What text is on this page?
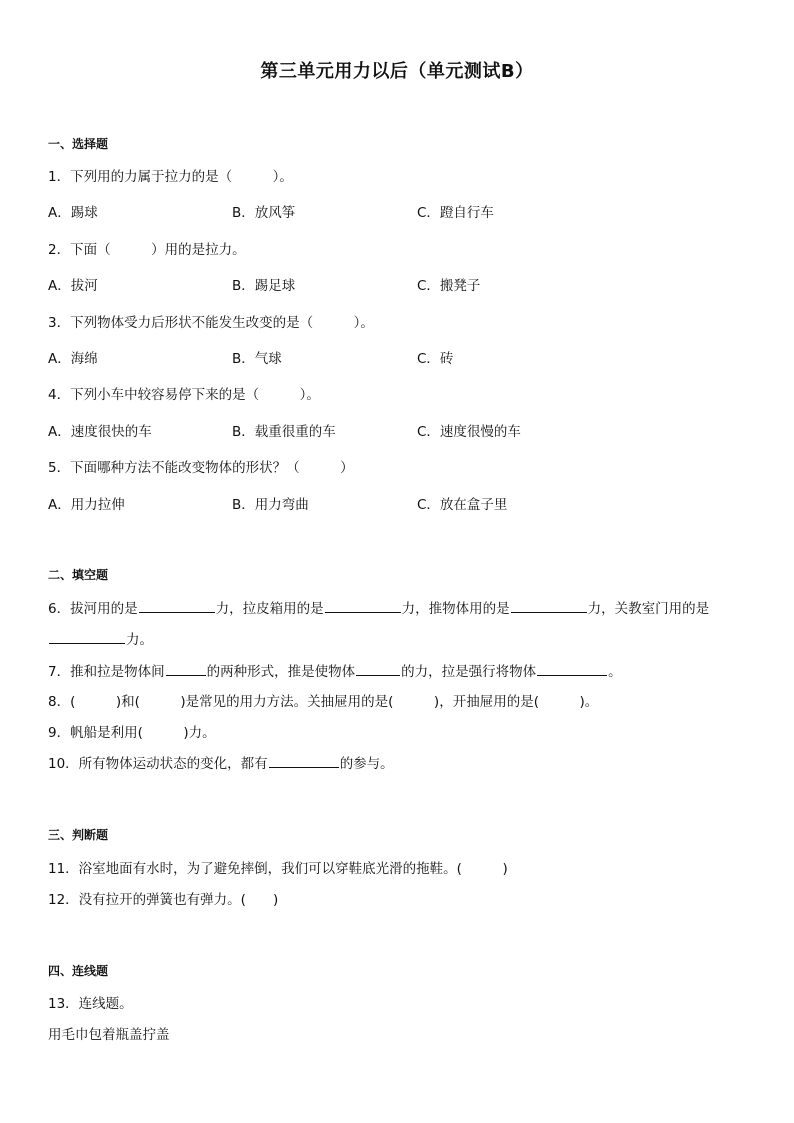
第三单元用力以后（单元测试B）
一、选择题
1．下列用的力属于拉力的是（　　　）。
A．踢球	B．放风筝	C．蹬自行车
2．下面（　　　）用的是拉力。
A．拔河	B．踢足球	C．搬凳子
3．下列物体受力后形状不能发生改变的是（　　　）。
A．海绵	B．气球	C．砖
4．下列小车中较容易停下来的是（　　　）。
A．速度很快的车	B．载重很重的车	C．速度很慢的车
5．下面哪种方法不能改变物体的形状？（　　　）
A．用力拉伸	B．用力弯曲	C．放在盒子里
二、填空题
6．拔河用的是	力，拉皮箱用的是	力，推物体用的是	力，关教室门用的是
力。
7．推和拉是物体间	的两种形式，推是使物体	的力，拉是强行将物体	。
8．(　　　)和(　　　)是常见的用力方法。关抽屉用的是(　　　)，开抽屉用的是(　　　)。
9．帆船是利用(　　　)力。
10．所有物体运动状态的变化，都有	的参与。
三、判断题
11．浴室地面有水时，为了避免摔倒，我们可以穿鞋底光滑的拖鞋。(　　　)
12．没有拉开的弹簧也有弹力。(　　)
四、连线题
13．连线题。
用毛巾包着瓶盖拧盖
